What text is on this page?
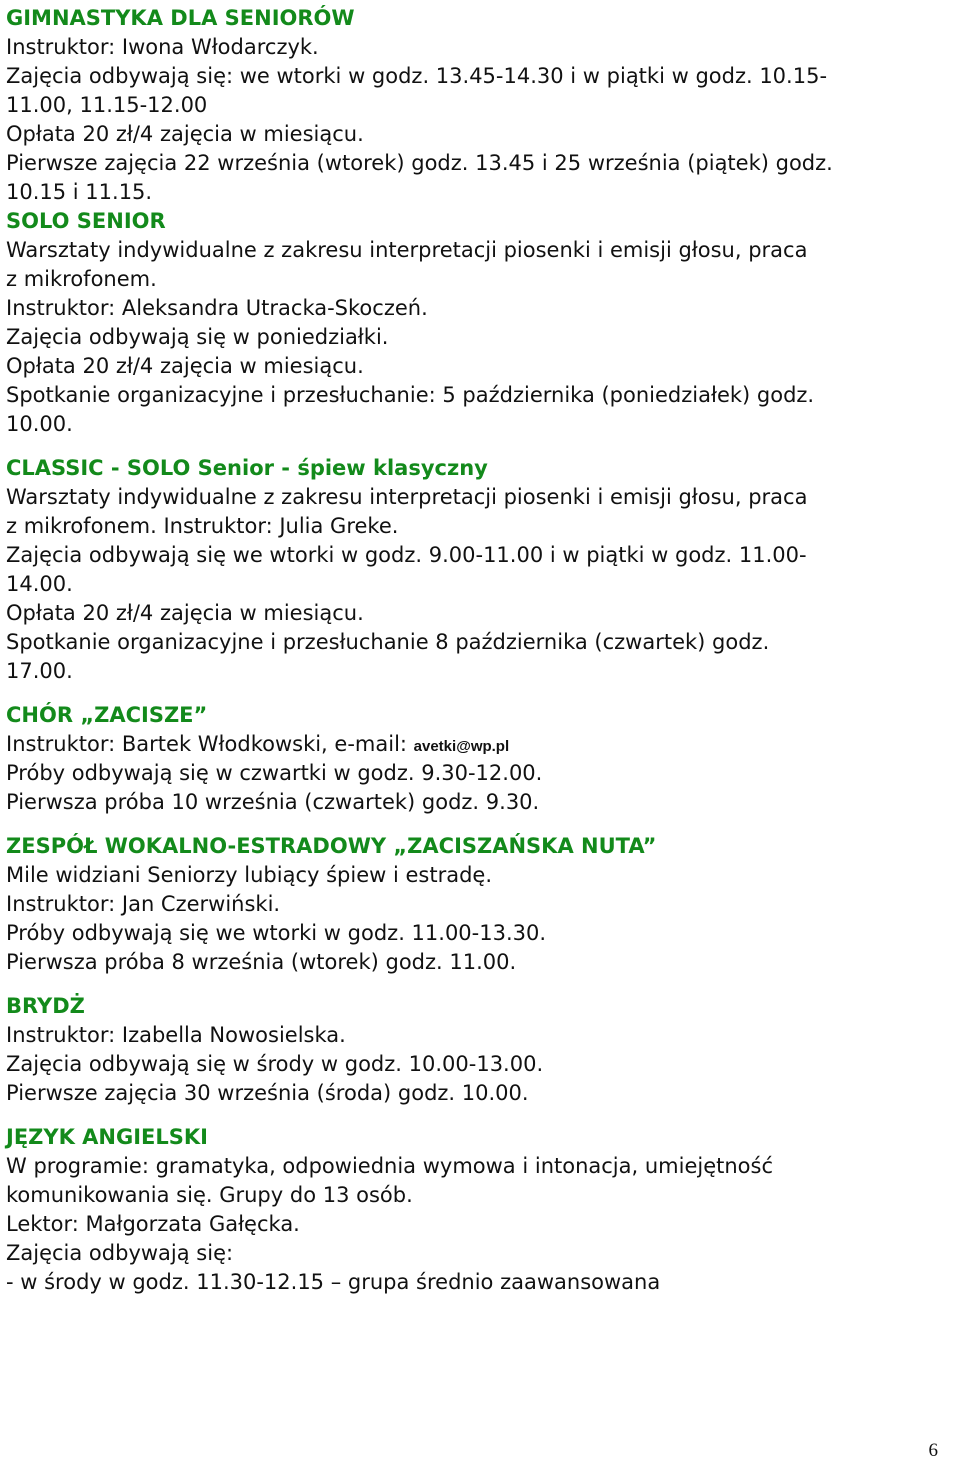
GIMNASTYKA DLA SENIORÓW
Instruktor: Iwona Włodarczyk.
Zajęcia odbywają się: we wtorki w godz. 13.45-14.30 i w piątki w godz. 10.15-
11.00, 11.15-12.00
Opłata 20 zł/4 zajęcia w miesiącu.
Pierwsze zajęcia 22 września (wtorek) godz. 13.45 i 25 września (piątek) godz.
10.15 i 11.15.
SOLO SENIOR
Warsztaty indywidualne z zakresu interpretacji piosenki i emisji głosu, praca
z mikrofonem.
Instruktor: Aleksandra Utracka-Skoczeń.
Zajęcia odbywają się w poniedziałki.
Opłata 20 zł/4 zajęcia w miesiącu.
Spotkanie organizacyjne i przesłuchanie: 5 października (poniedziałek) godz.
10.00.
CLASSIC - SOLO Senior - śpiew klasyczny
Warsztaty indywidualne z zakresu interpretacji piosenki i emisji głosu, praca
z mikrofonem. Instruktor: Julia Greke.
Zajęcia odbywają się we wtorki w godz. 9.00-11.00 i w piątki w godz. 11.00-
14.00.
Opłata 20 zł/4 zajęcia w miesiącu.
Spotkanie organizacyjne i przesłuchanie 8 października (czwartek) godz.
17.00.
CHÓR „ZACISZE”
Instruktor: Bartek Włodkowski, e-mail: avetki@wp.pl
Próby odbywają się w czwartki w godz. 9.30-12.00.
Pierwsza próba 10 września (czwartek) godz. 9.30.
ZESPÓŁ WOKALNO-ESTRADOWY „ZACISZAŃSKA NUTA”
Mile widziani Seniorzy lubiący śpiew i estradę.
Instruktor: Jan Czerwiński.
Próby odbywają się we wtorki w godz. 11.00-13.30.
Pierwsza próba 8 września (wtorek) godz. 11.00.
BRYDŻ
Instruktor: Izabella Nowosielska.
Zajęcia odbywają się w środy w godz. 10.00-13.00.
Pierwsze zajęcia 30 września (środa) godz. 10.00.
JĘZYK ANGIELSKI
W programie: gramatyka, odpowiednia wymowa i intonacja, umiejętność
komunikowania się. Grupy do 13 osób.
Lektor: Małgorzata Gałęcka.
Zajęcia odbywają się:
- w środy w godz. 11.30-12.15 – grupa średnio zaawansowana
6
